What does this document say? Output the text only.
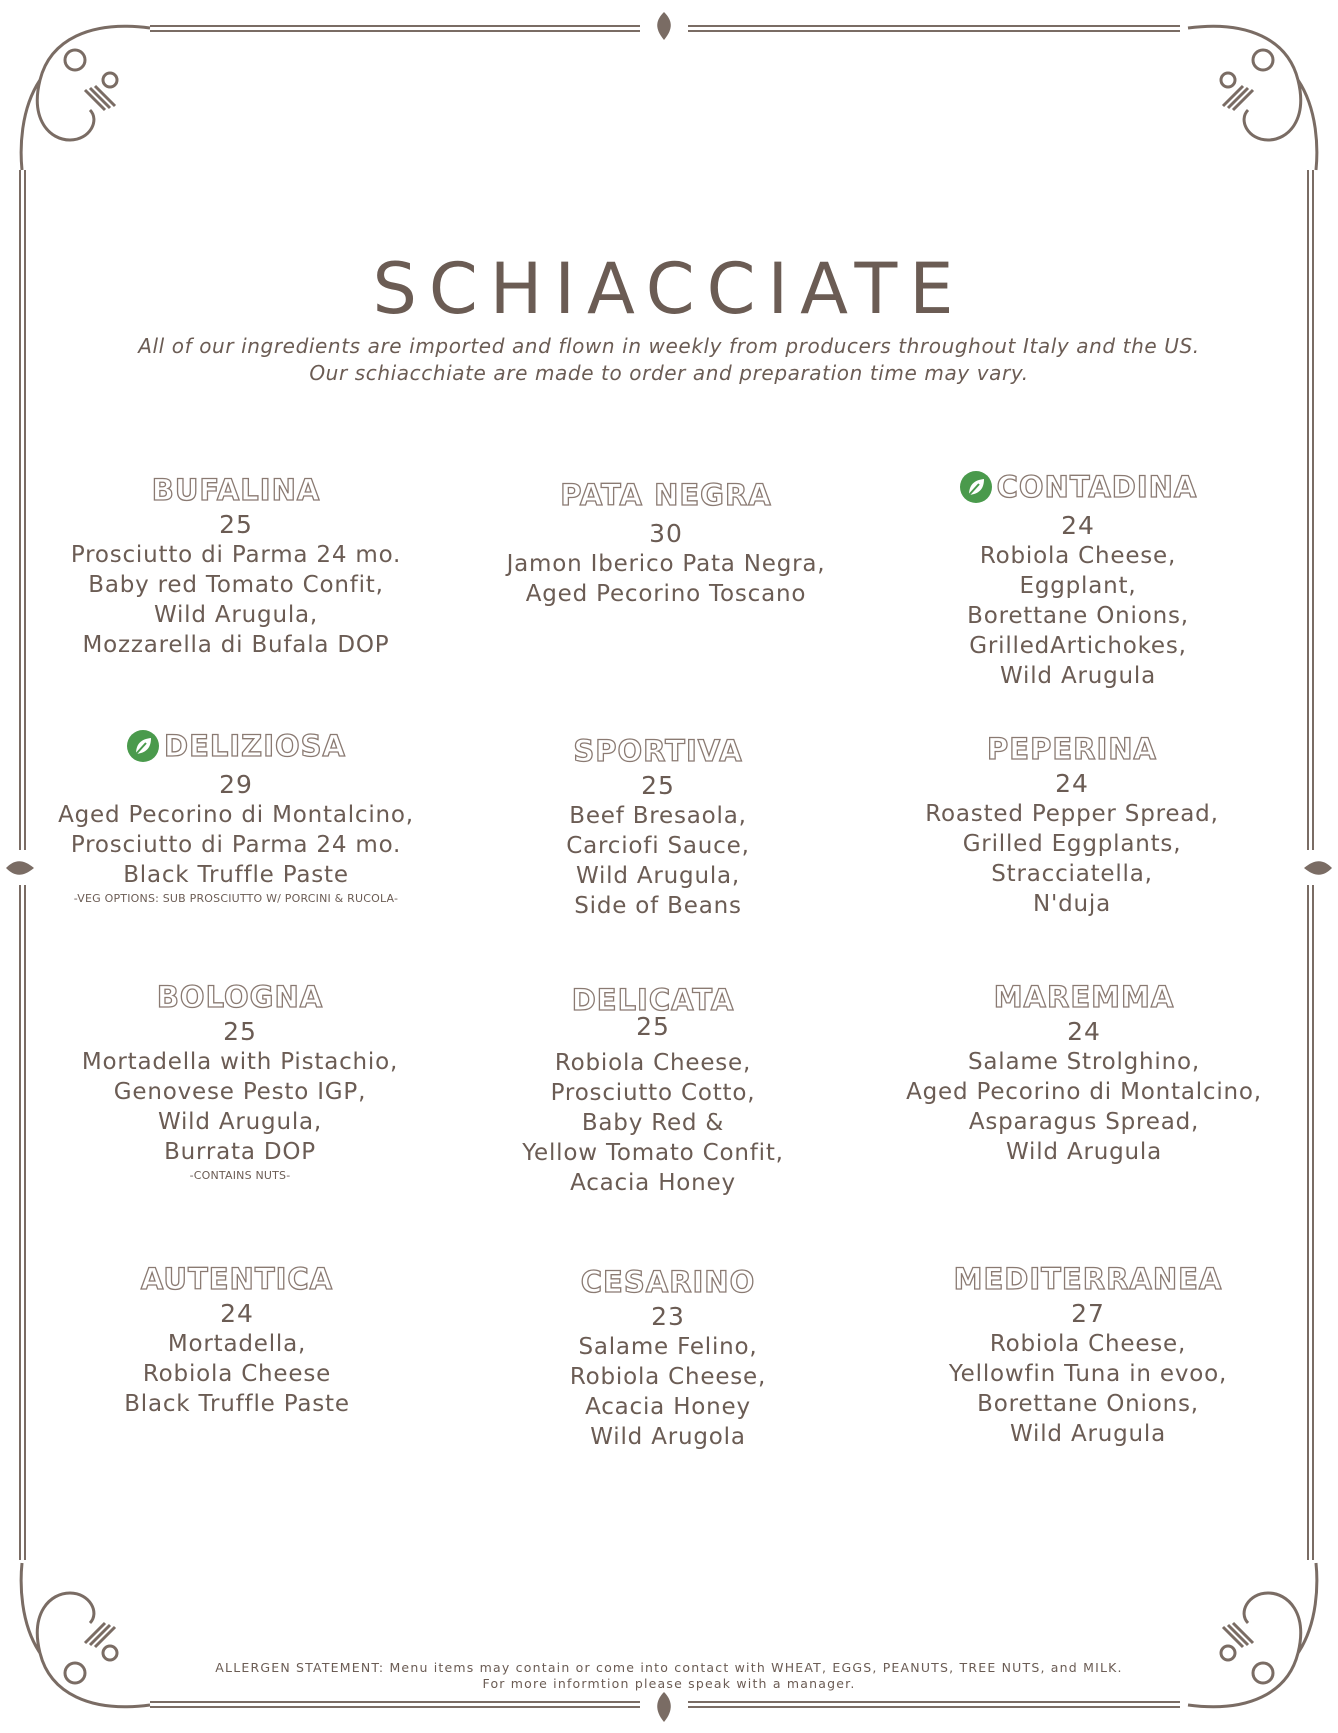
SCHIACCIATE

All of our ingredients are imported and flown in weekly from producers throughout Italy and the US.

Our schiacchiate are made to order and preparation time may vary.

BUFALINA
25
Prosciutto di Parma 24 mo.
Baby red Tomato Confit,
Wild Arugula,
Mozzarella di Bufala DOP
PATA NEGRA
30
Jamon Iberico Pata Negra,
Aged Pecorino Toscano
CONTADINA
24
Robiola Cheese,
Eggplant,
Borettane Onions,
GrilledArtichokes,
Wild Arugula
DELIZIOSA
29
Aged Pecorino di Montalcino,
Prosciutto di Parma 24 mo.
Black Truffle Paste
-VEG OPTIONS: SUB PROSCIUTTO W/ PORCINI & RUCOLA-
SPORTIVA
25
Beef Bresaola,
Carciofi Sauce,
Wild Arugula,
Side of Beans
PEPERINA
24
Roasted Pepper Spread,
Grilled Eggplants,
Stracciatella,
N'duja
BOLOGNA
25
Mortadella with Pistachio,
Genovese Pesto IGP,
Wild Arugula,
Burrata DOP
-CONTAINS NUTS-
DELICATA
25
Robiola Cheese,
Prosciutto Cotto,
Baby Red &
Yellow Tomato Confit,
Acacia Honey
MAREMMA
24
Salame Strolghino,
Aged Pecorino di Montalcino,
Asparagus Spread,
Wild Arugula
AUTENTICA
24
Mortadella,
Robiola Cheese
Black Truffle Paste
CESARINO
23
Salame Felino,
Robiola Cheese,
Acacia Honey
Wild Arugola
MEDITERRANEA
27
Robiola Cheese,
Yellowfin Tuna in evoo,
Borettane Onions,
Wild Arugula
ALLERGEN STATEMENT: Menu items may contain or come into contact with WHEAT, EGGS, PEANUTS, TREE NUTS, and MILK.
For more informtion please speak with a manager.
